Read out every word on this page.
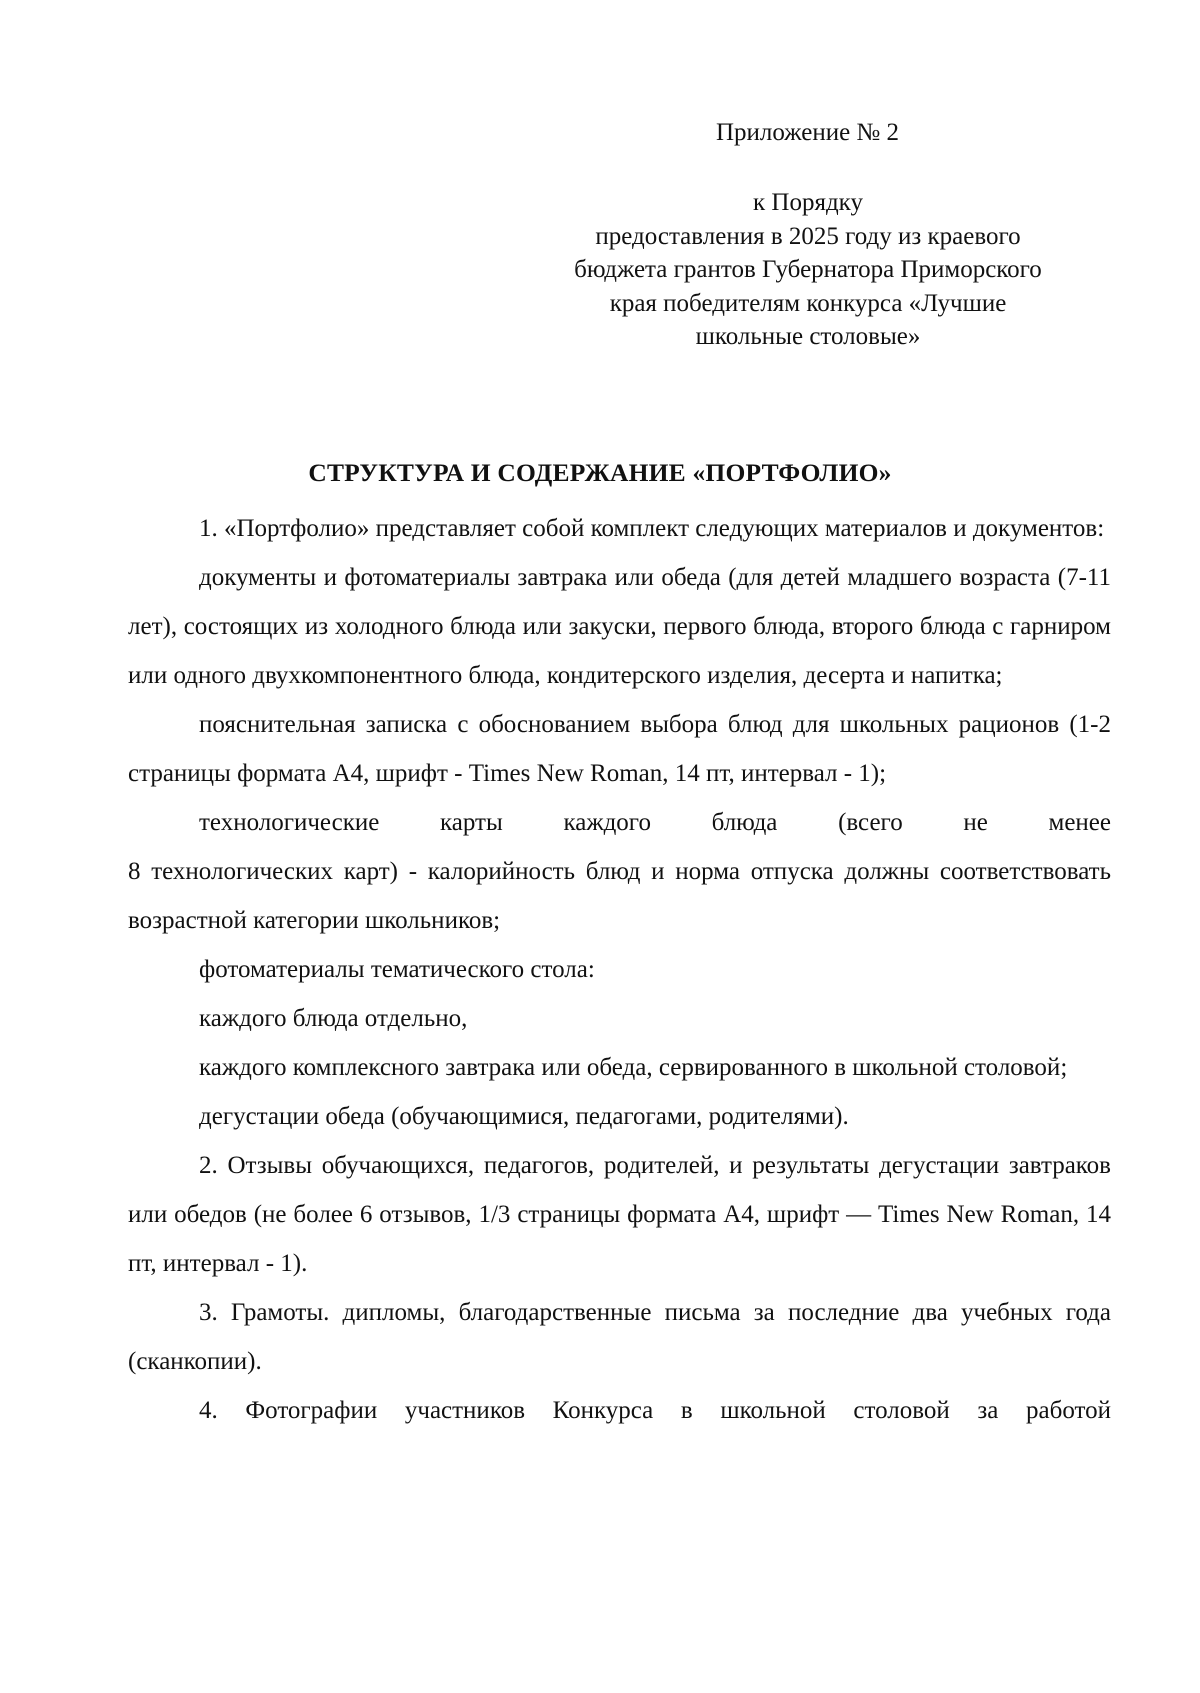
Приложение № 2
к Порядку
предоставления в 2025 году из краевого
бюджета грантов Губернатора Приморского
края победителям конкурса «Лучшие
школьные столовые»
СТРУКТУРА И СОДЕРЖАНИЕ «ПОРТФОЛИО»

1. «Портфолио» представляет собой комплект следующих материалов и документов:

документы и фотоматериалы завтрака или обеда (для детей младшего возраста (7-11 лет), состоящих из холодного блюда или закуски, первого блюда, второго блюда с гарниром или одного двухкомпонентного блюда, кондитерского изделия, десерта и напитка;

пояснительная записка с обоснованием выбора блюд для школьных рационов (1-2 страницы формата А4, шрифт - Times New Roman, 14 пт, интервал - 1);

технологические карты каждого блюда (всего не менее

8 технологических карт) - калорийность блюд и норма отпуска должны соответствовать возрастной категории школьников;

фотоматериалы тематического стола:

каждого блюда отдельно,

каждого комплексного завтрака или обеда, сервированного в школьной столовой;

дегустации обеда (обучающимися, педагогами, родителями).

2. Отзывы обучающихся, педагогов, родителей, и результаты дегустации завтраков или обедов (не более 6 отзывов, 1/3 страницы формата А4, шрифт — Times New Roman, 14 пт, интервал - 1).

3. Грамоты. дипломы, благодарственные письма за последние два учебных года (сканкопии).

4. Фотографии участников Конкурса в школьной столовой за работой
